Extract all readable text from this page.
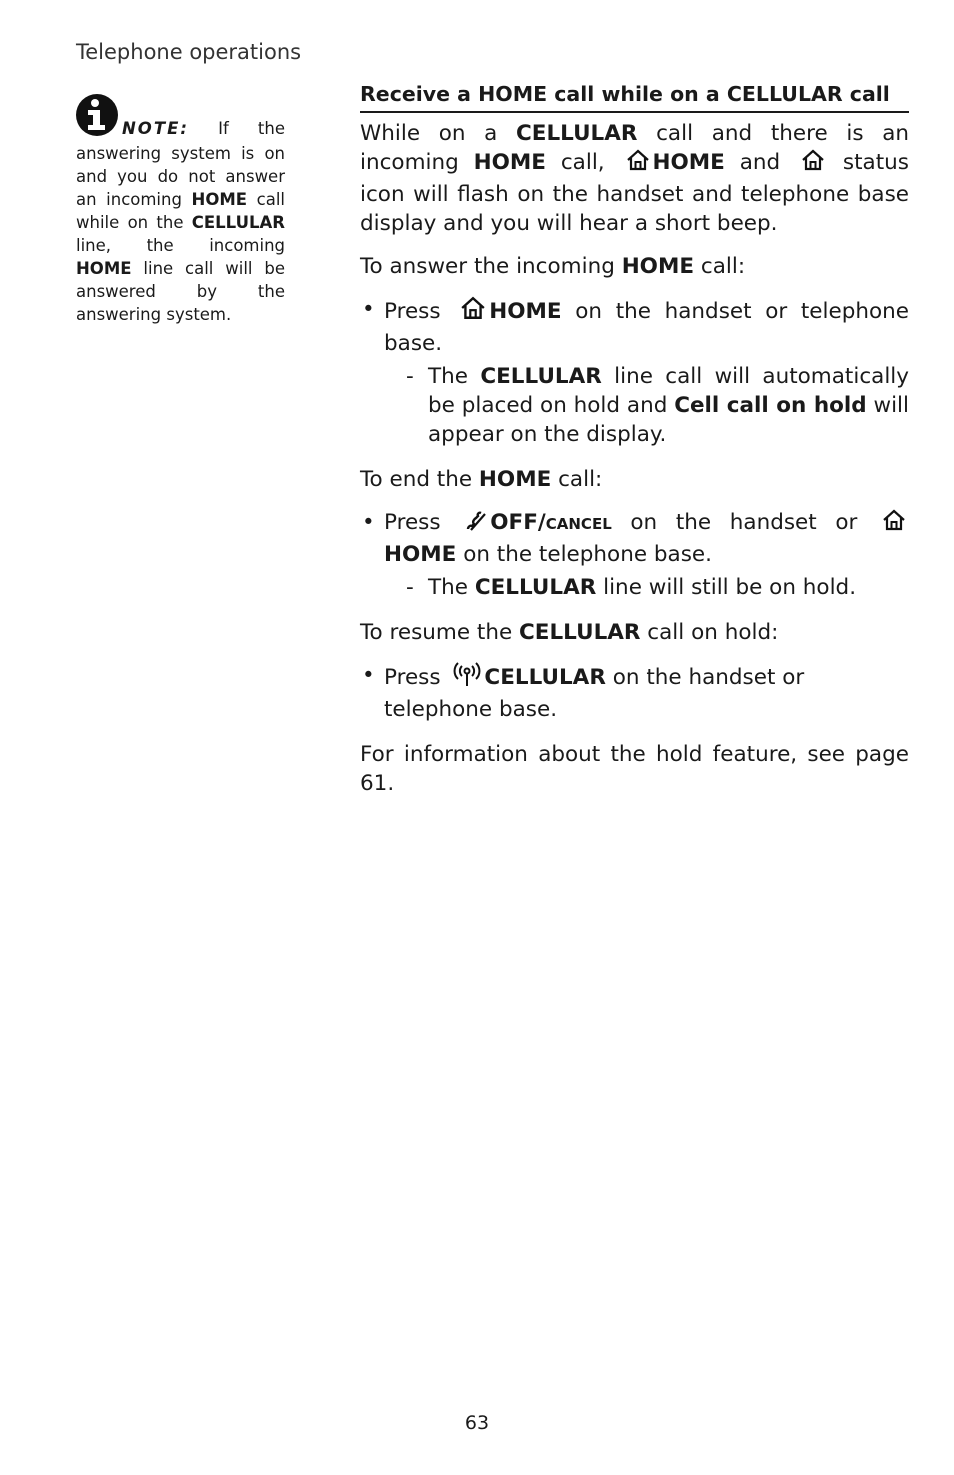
Telephone operations
NOTE: If the answering system is on and you do not answer an incoming HOME call while on the CELLULAR line, the incoming HOME line call will be answered by the answering system.
Receive a HOME call while on a CELLULAR call

While on a CELLULAR call and there is an incoming HOME call, HOME and  status icon will flash on the handset and telephone base display and you will hear a short beep.

To answer the incoming HOME call:

• Press HOME on the handset or telephone base.
- The CELLULAR line call will automatically be placed on hold and Cell call on hold will appear on the display.

To end the HOME call:

• Press OFF/CANCEL on the handset or HOME on the telephone base.
- The CELLULAR line will still be on hold.

To resume the CELLULAR call on hold:

• Press CELLULAR on the handset or telephone base.

For information about the hold feature, see page 61.

63
